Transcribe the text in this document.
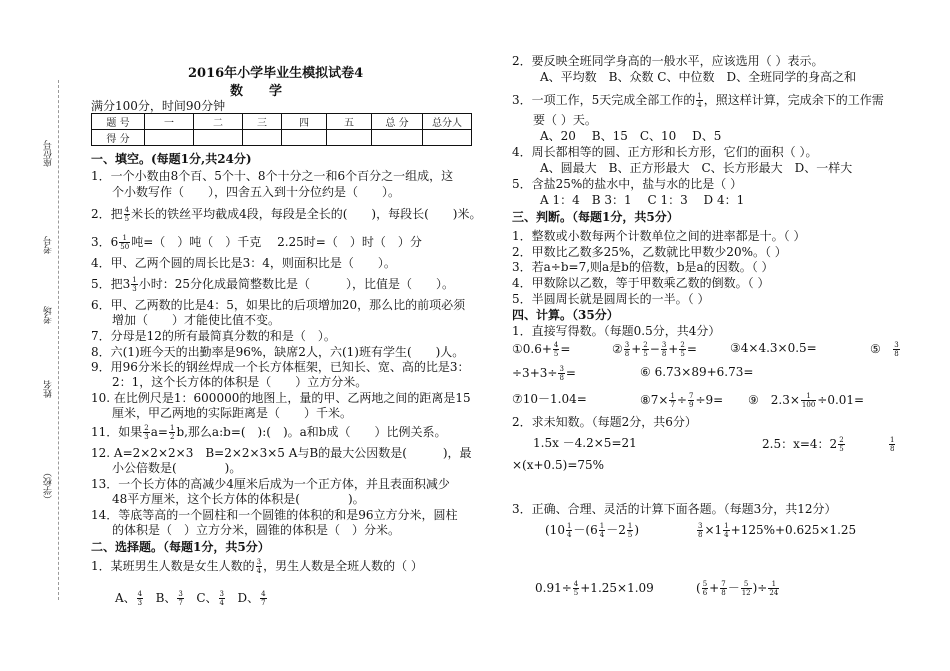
座位号
考号
考场
姓名
（学校）
2016年小学毕业生模拟试卷4
数　　学
满分100分，时间90分钟
题 号	一	二	三	四	五	总 分	总分人
得 分							
一、填空。(每题1分,共24分)
1．一个小数由8个百、5个十、8个十分之一和6个百分之一组成，这
个小数写作（　　），四舍五入到十分位约是（　　）。
2．把 $\frac{4}{5}$ 米长的铁丝平均截成4段，每段是全长的(　　)，每段长(　　)米。
3．$6 \frac{1}{50}$ 吨=（　）吨（　）千克　 2.25时=（　）时（　）分
4．甲、乙两个圆的周长比是3：4，则面积比是（　　）。
5．把$3 \frac{1}{3}$ 小时：25分化成最简整数比是（　　　），比值是（　　）。
6．甲、乙两数的比是4：5，如果比的后项增加20，那么比的前项必须
增加（　　）才能使比值不变。
7．分母是12的所有最简真分数的和是（　）。
8．六(1)班今天的出勤率是96%，缺席2人，六(1)班有学生(　　)人。
9．用96分米长的钢丝焊成一个长方体框架，已知长、宽、高的比是3：
2：1，这个长方体的体积是（　　）立方分米。
10. 在比例尺是1：600000的地图上，量的甲、乙两地之间的距离是15
厘米，甲乙两地的实际距离是（　　）千米。
11．如果 $\frac{2}{3} a= \frac{1}{2} b$,那么a:b=(　):(　)。a和b成（　　）比例关系。
12. A=2×2×2×3　B=2×2×3×5 A与B的最大公因数是(　　　)，最
小公倍数是(　　　　)。
13．一个长方体的高减少4厘米后成为一个正方体，并且表面积减少
48平方厘米，这个长方体的体积是(　　　　)。
14．等底等高的一个圆柱和一个圆锥的体积的和是96立方分米，圆柱
的体积是（　）立方分米，圆锥的体积是（　）分米。
二、选择题。（每题1分，共5分）
1．某班男生人数是女生人数的 $\frac{3}{4}$ ，男生人数是全班人数的（ ）
A、 $\frac{4}{3}$ B、 $\frac{3}{7}$ C、 $\frac{3}{4}$ D、 $\frac{4}{7}$
2．要反映全班同学身高的一般水平，应该选用（ ）表示。
A、平均数　B、众数 C、中位数　D、全班同学的身高之和
3．一项工作，5天完成全部工作的 $\frac{1}{4}$ ，照这样计算，完成余下的工作需
要（ ）天。
A、20　 B、15　C、10　 D、5
4．周长都相等的圆、正方形和长方形，它们的面积（ ）。
A、圆最大　B、正方形最大　C、长方形最大　D、一样大
5．含盐25%的盐水中，盐与水的比是（ ）
A 1：4　B 3：1　 C 1：3　 D 4：1
三、判断。（每题1分，共5分）
1．整数或小数每两个计数单位之间的进率都是十。（ ）
2．甲数比乙数多25%，乙数就比甲数少20%。（ ）
3．若a÷b=7,则a是b的倍数，b是a的因数。（ ）
4．甲数除以乙数，等于甲数乘乙数的倒数。（ ）
5．半圆周长就是圆周长的一半。（ ）
四、计算。（35分）
1．直接写得数。（每题0.5分，共4分）
①0.6+ $\frac{4}{5}$ =	② $\frac{3}{8} + \frac{2}{5} - \frac{3}{8} + \frac{2}{5}$ =	③4×4.3×0.5=	⑤ $\frac{3}{8}$
$\div 3+3\div \frac{3}{8}$ =	⑥ 6.73×89+6.73=
⑦10－1.04=	⑧7× $\frac{1}{7} \div \frac{7}{9} \div 9=$ ⑨　$2.3\times \frac{1}{100} \div 0.01=$
2．求未知数。（每题2分，共6分）
1.5x －4.2×5=21	2.5：x=4：$2 \frac{2}{5}$	$\frac{1}{8}$
×(x+0.5)=75%
3．正确、合理、灵活的计算下面各题。（每题3分，共12分）
($10 \frac{1}{4} -(6 \frac{1}{4} -2 \frac{1}{5}$ )	$\frac{3}{8} \times 1 \frac{1}{4} +125\%+0.625\times 1.25$
$0.91\div \frac{4}{5} +1.25\times 1.09$	( $\frac{5}{6} + \frac{7}{8} - \frac{5}{12}$ )÷ $\frac{1}{24}$
